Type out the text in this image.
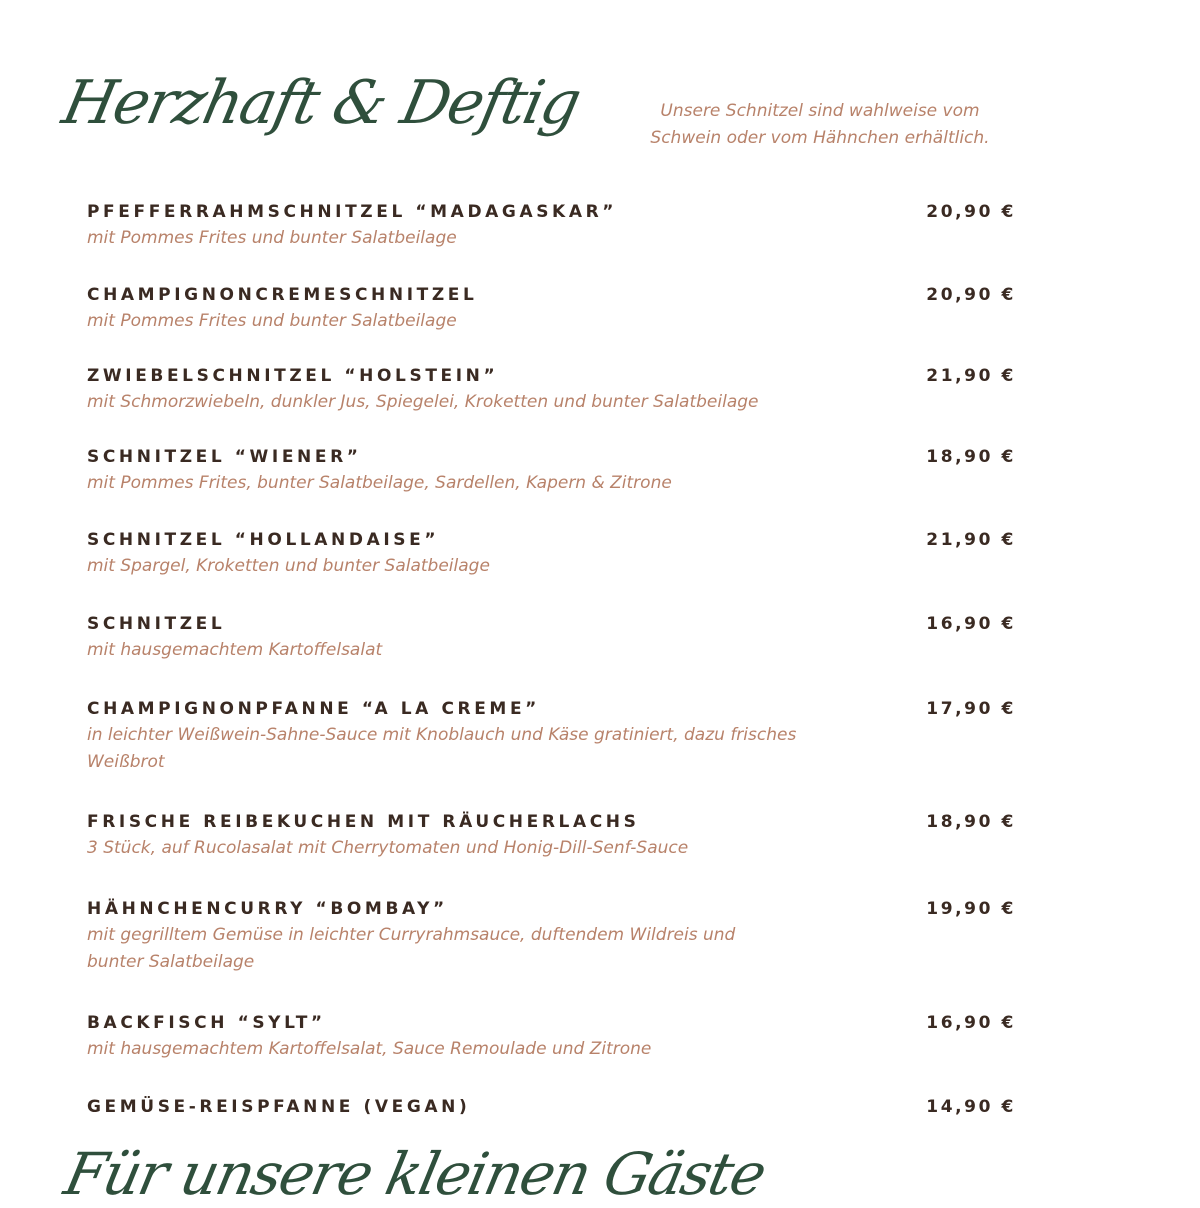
Herzhaft & Deftig	Unsere Schnitzel sind wahlweise vom
Schwein oder vom Hähnchen erhältlich.
PFEFFERRAHMSCHNITZEL “MADAGASKAR”	20,90 €
mit Pommes Frites und bunter Salatbeilage
CHAMPIGNONCREMESCHNITZEL	20,90 €
mit Pommes Frites und bunter Salatbeilage
ZWIEBELSCHNITZEL “HOLSTEIN”	21,90 €
mit Schmorzwiebeln, dunkler Jus, Spiegelei, Kroketten und bunter Salatbeilage
SCHNITZEL “WIENER”	18,90 €
mit Pommes Frites, bunter Salatbeilage, Sardellen, Kapern & Zitrone
SCHNITZEL “HOLLANDAISE”	21,90 €
mit Spargel, Kroketten und bunter Salatbeilage
SCHNITZEL	16,90 €
mit hausgemachtem Kartoffelsalat
CHAMPIGNONPFANNE “A LA CREME”	17,90 €
in leichter Weißwein-Sahne-Sauce mit Knoblauch und Käse gratiniert, dazu frisches Weißbrot
FRISCHE REIBEKUCHEN MIT RÄUCHERLACHS	18,90 €
3 Stück, auf Rucolasalat mit Cherrytomaten und Honig-Dill-Senf-Sauce
HÄHNCHENCURRY “BOMBAY”	19,90 €
mit gegrilltem Gemüse in leichter Curryrahmsauce, duftendem Wildreis und bunter Salatbeilage
BACKFISCH “SYLT”	16,90 €
mit hausgemachtem Kartoffelsalat, Sauce Remoulade und Zitrone
GEMÜSE-REISPFANNE (VEGAN)	14,90 €
Für unsere kleinen Gäste
